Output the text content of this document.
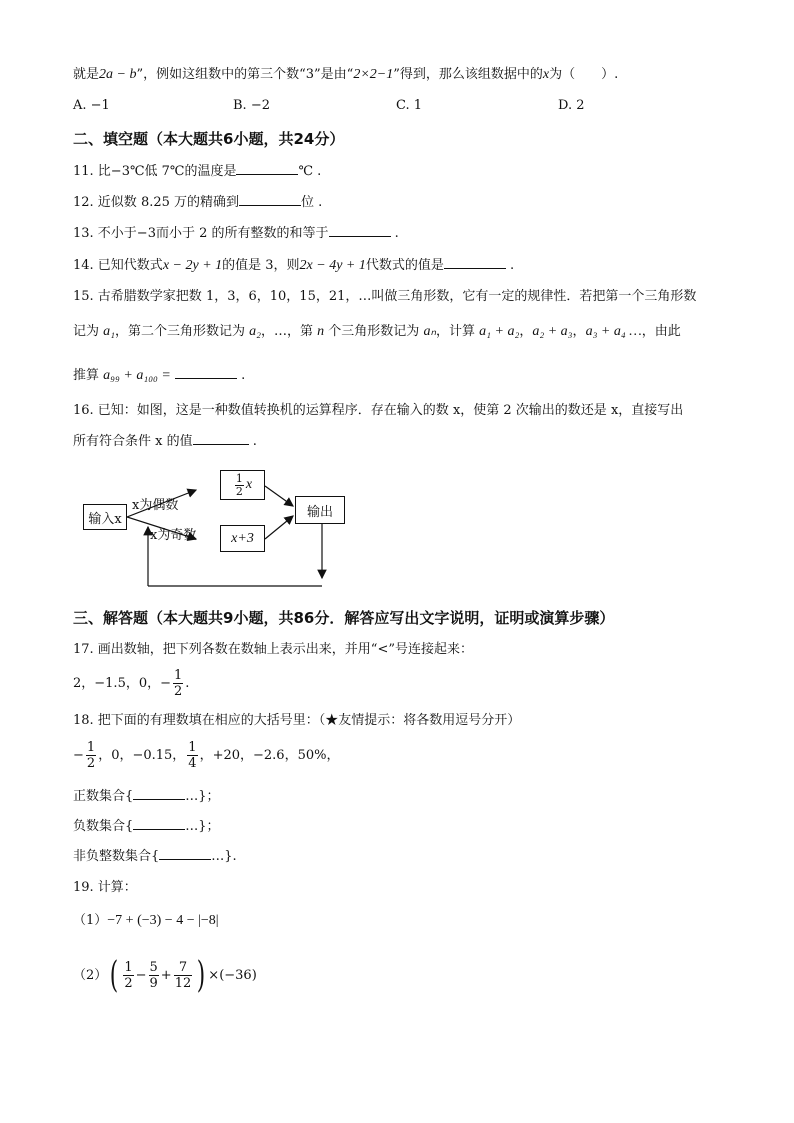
就是2a − b”，例如这组数中的第三个数“3”是由“2×2−1”得到，那么该组数据中的x为（　　）.
A. −1	B. −2	C. 1	D. 2
二、填空题（本大题共6小题，共24分）
11. 比−3℃低 7℃的温度是	℃ .
12. 近似数 8.25 万的精确到	位 .
13. 不小于−3而小于 2 的所有整数的和等于	.
14. 已知代数式x − 2y + 1的值是 3，则2x − 4y + 1代数式的值是	.
15. 古希腊数学家把数 1，3，6，10，15，21，…叫做三角形数，它有一定的规律性．若把第一个三角形数
记为 a₁，第二个三角形数记为 a₂，…，第 n 个三角形数记为 aₙ，计算 a₁ + a₂，a₂ + a₃，a₃ + a₄ …，由此
推算 a₉₉ + a₁₀₀ =	.
16. 已知：如图，这是一种数值转换机的运算程序．存在输入的数 x，使第 2 次输出的数还是 x，直接写出
所有符合条件 x 的值	.
输入x
x为偶数
x为奇数
$\frac{1}{2}$ x
x+3
输出
三、解答题（本大题共9小题，共86分．解答应写出文字说明，证明或演算步骤）
17. 画出数轴，把下列各数在数轴上表示出来，并用“<”号连接起来：
2，−1.5，0，− $\frac{1}{2}$ .
18. 把下面的有理数填在相应的大括号里：（★友情提示：将各数用逗号分开）
− $\frac{1}{2}$ ，0，−0.15， $\frac{1}{4}$ ，+20，−2.6，50%，
正数集合{	…}；
负数集合{	…}；
非负整数集合{	…}.
19. 计算：
（1）−7 + (−3) − 4 − |−8|
$(2)( \frac{1}{2} - \frac{5}{9} + \frac{7}{12}$ ) ×(−36)
